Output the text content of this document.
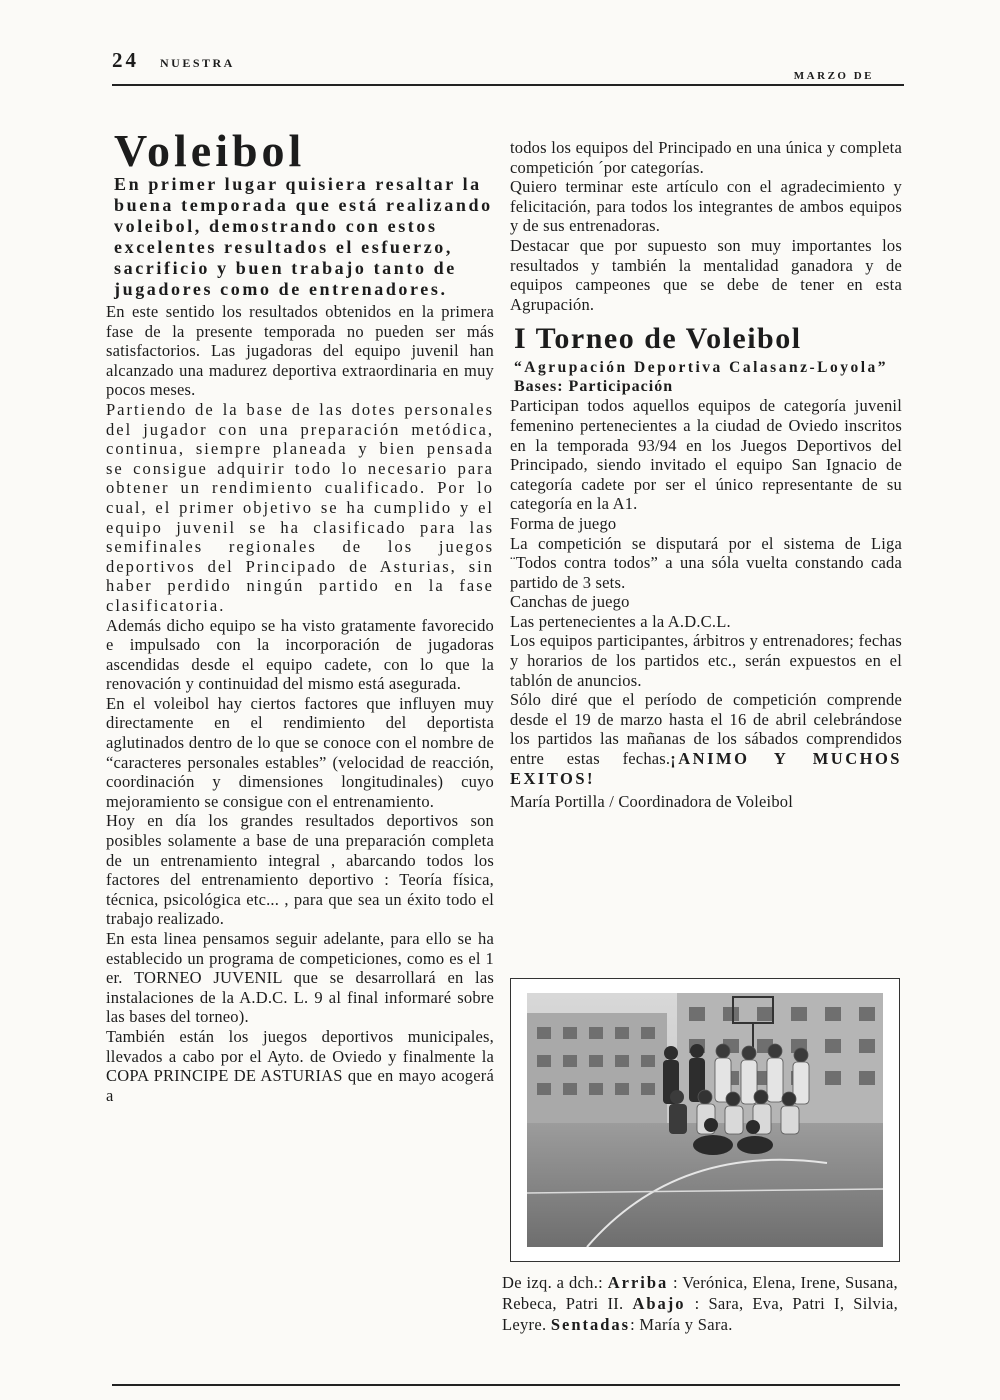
24 NUESTRA
MARZO DE
Voleibol

En primer lugar quisiera resaltar la buena temporada que está realizando voleibol, demostrando con estos excelentes resultados el esfuerzo, sacrificio y buen trabajo tanto de jugadores como de entrenadores.

En este sentido los resultados obtenidos en la primera fase de la presente temporada no pueden ser más satisfactorios. Las jugadoras del equipo juvenil han alcanzado una madurez deportiva extraordinaria en muy pocos meses.

Partiendo de la base de las dotes personales del jugador con una preparación metódica, continua, siempre planeada y bien pensada se consigue adquirir todo lo necesario para obtener un rendimiento cualificado. Por lo cual, el primer objetivo se ha cumplido y el equipo juvenil se ha clasificado para las semifinales regionales de los juegos deportivos del Principado de Asturias, sin haber perdido ningún partido en la fase clasificatoria.

Además dicho equipo se ha visto gratamente favorecido e impulsado con la incorporación de jugadoras ascendidas desde el equipo cadete, con lo que la renovación y continuidad del mismo está asegurada.

En el voleibol hay ciertos factores que influyen muy directamente en el rendimiento del deportista aglutinados dentro de lo que se conoce con el nombre de “caracteres personales estables” (velocidad de reacción, coordinación y dimensiones longitudinales) cuyo mejoramiento se consigue con el entrenamiento.

Hoy en día los grandes resultados deportivos son posibles solamente a base de una preparación completa de un entrenamiento integral , abarcando todos los factores del entrenamiento deportivo : Teoría física, técnica, psicológica etc... , para que sea un éxito todo el trabajo realizado.

En esta linea pensamos seguir adelante, para ello se ha establecido un programa de competiciones, como es el 1 er. TORNEO JUVENIL que se desarrollará en las instalaciones de la A.D.C. L. 9 al final informaré sobre las bases del torneo).

También están los juegos deportivos municipales, llevados a cabo por el Ayto. de Oviedo y finalmente la COPA PRINCIPE DE ASTURIAS que en mayo acogerá a

todos los equipos del Principado en una única y completa competición ´por categorías.

Quiero terminar este artículo con el agradecimiento y felicitación, para todos los integrantes de ambos equipos y de sus entrenadoras.

Destacar que por supuesto son muy importantes los resultados y también la mentalidad ganadora y de equipos campeones que se debe de tener en esta Agrupación.

I Torneo de Voleibol
“Agrupación Deportiva Calasanz-Loyola”
Bases: Participación

Participan todos aquellos equipos de categoría juvenil femenino pertenecientes a la ciudad de Oviedo inscritos en la temporada 93/94 en los Juegos Deportivos del Principado, siendo invitado el equipo San Ignacio de categoría cadete por ser el único representante de su categoría en la A1.

Forma de juego

La competición se disputará por el sistema de Liga ¨Todos contra todos” a una sóla vuelta constando cada partido de 3 sets.

Canchas de juego

Las pertenecientes a la A.D.C.L.

Los equipos participantes, árbitros y entrenadores; fechas y horarios de los partidos etc., serán expuestos en el tablón de anuncios.

Sólo diré que el período de competición comprende desde el 19 de marzo hasta el 16 de abril celebrándose los partidos las mañanas de los sábados comprendidos entre estas fechas.¡ANIMO Y MUCHOS EXITOS!

María Portilla / Coordinadora de Voleibol

De izq. a dch.: Arriba : Verónica, Elena, Irene, Susana, Rebeca, Patri II. Abajo : Sara, Eva, Patri I, Silvia, Leyre. Sentadas: María y Sara.
